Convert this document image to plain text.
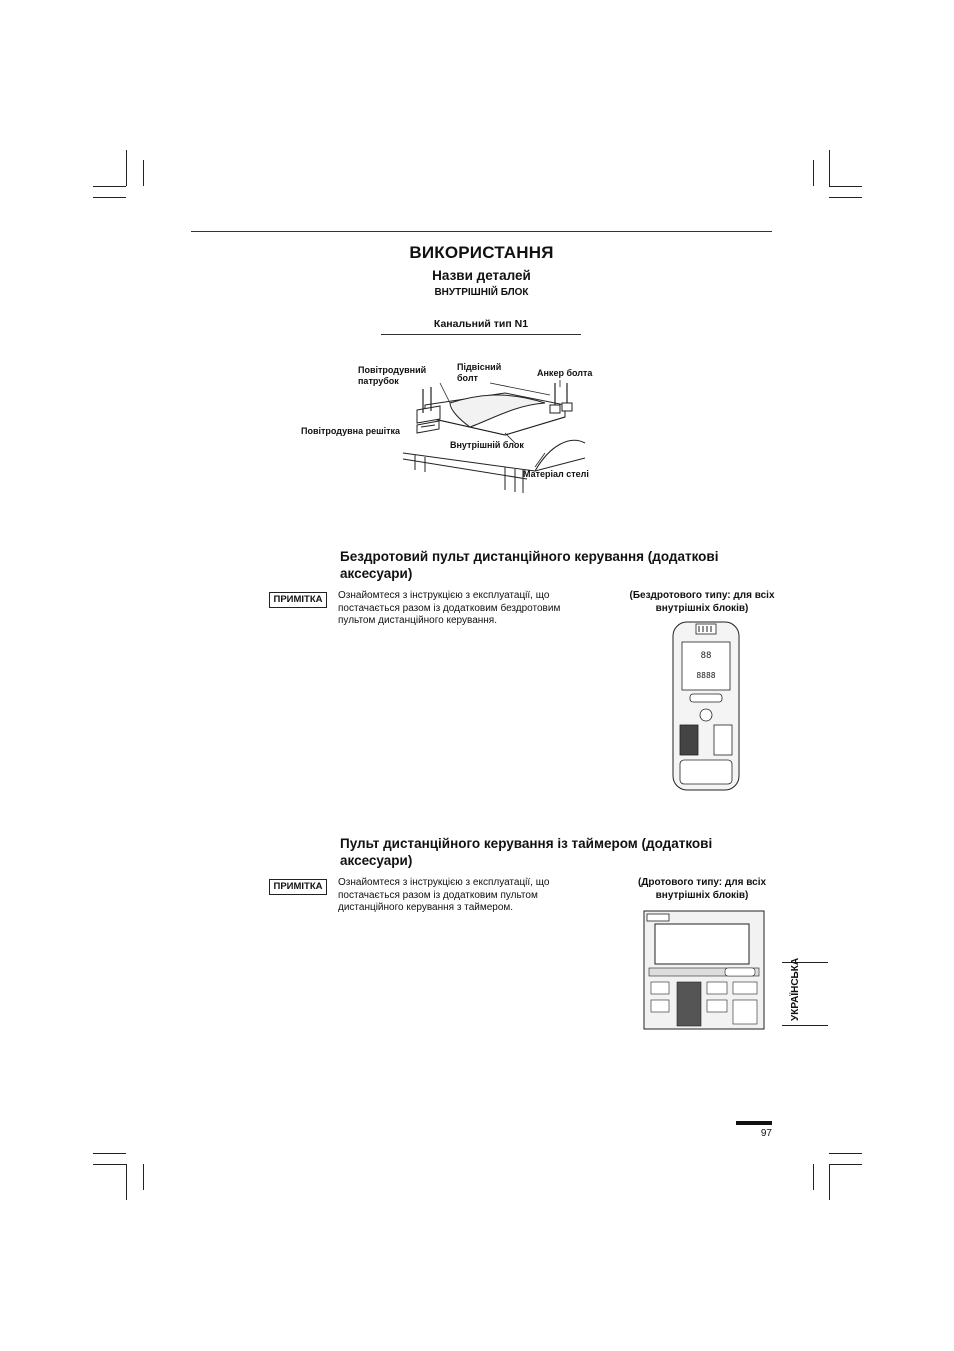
ВИКОРИСТАННЯ
Назви деталей
ВНУТРІШНІЙ БЛОК
Канальний тип N1
Повітродувний
патрубок
Підвісний
болт	Анкер болта
Повітродувна решітка
Внутрішній блок
Матеріал стелі
Бездротовий пульт дистанційного керування (додаткові аксесуари)
ПРИМІТКА	Ознайомтеся з інструкцією з експлуатації, що постачається разом із додатковим бездротовим пультом дистанційного керування.
(Бездротового типу: для всіх внутрішніх блоків)
88
8888
Пульт дистанційного керування із таймером (додаткові аксесуари)
ПРИМІТКА	Ознайомтеся з інструкцією з експлуатації, що постачається разом із додатковим пультом дистанційного керування з таймером.
(Дротового типу: для всіх внутрішніх блоків)
УКРАЇНСЬКА
97
